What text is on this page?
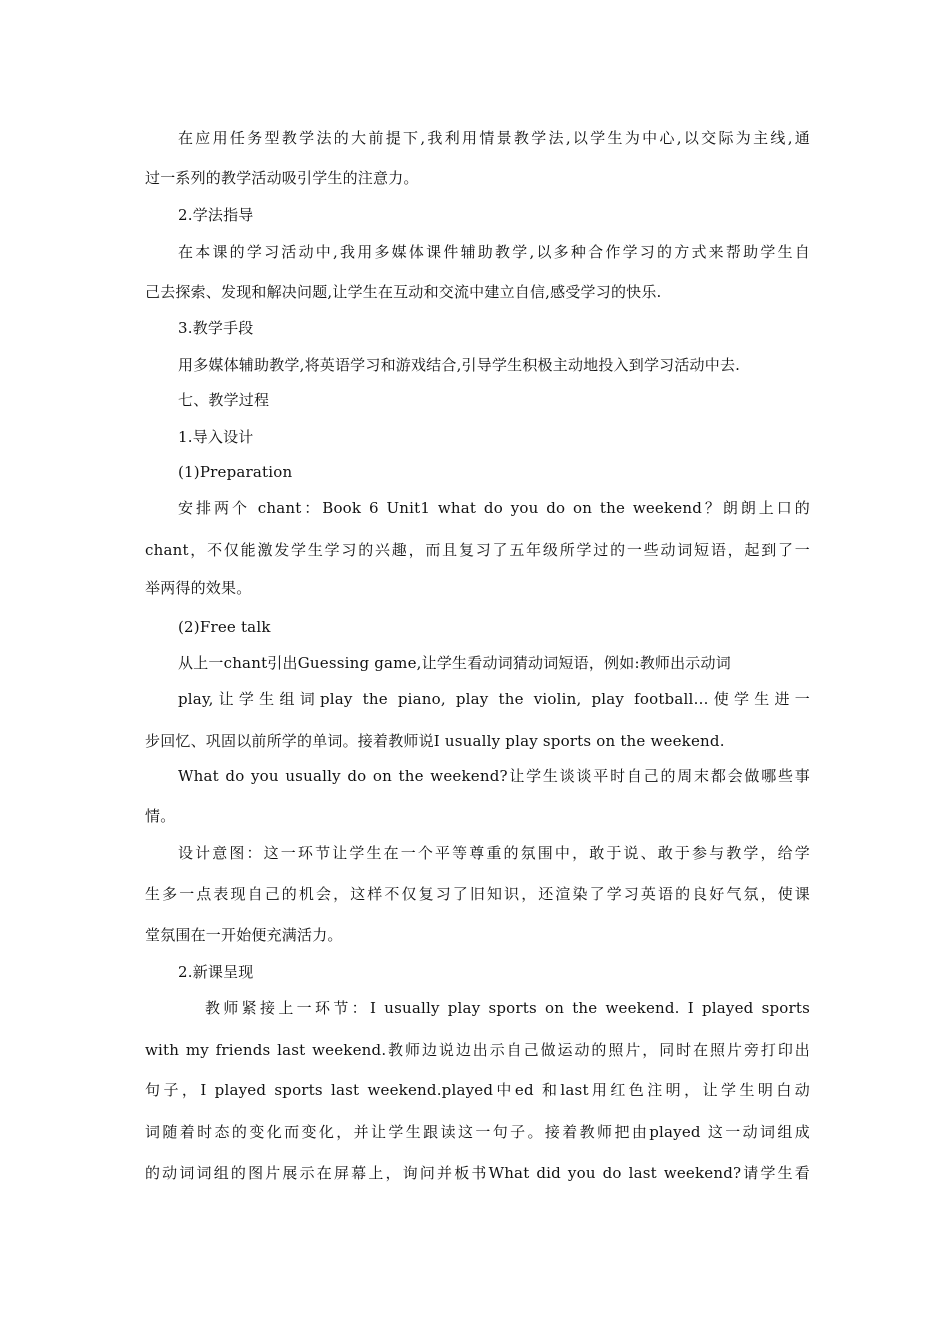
在应用任务型教学法的大前提下,我利用情景教学法,以学生为中心,以交际为主线,通
过一系列的教学活动吸引学生的注意力。
2.学法指导
在本课的学习活动中,我用多媒体课件辅助教学,以多种合作学习的方式来帮助学生自
己去探索、发现和解决问题,让学生在互动和交流中建立自信,感受学习的快乐.
3.教学手段
用多媒体辅助教学,将英语学习和游戏结合,引导学生积极主动地投入到学习活动中去.
七、教学过程
1.导入设计
(1)Preparation
安排两个 chant：Book 6 Unit1 what do you do on the weekend？朗朗上口的
chant，不仅能激发学生学习的兴趣，而且复习了五年级所学过的一些动词短语，起到了一
举两得的效果。
(2)Free talk
从上一chant引出Guessing game,让学生看动词猜动词短语，例如:教师出示动词
play,让学生组词play the piano, play the violin, play football…使学生进一
步回忆、巩固以前所学的单词。接着教师说I usually play sports on the weekend.
What do you usually do on the weekend?让学生谈谈平时自己的周末都会做哪些事
情。
设计意图：这一环节让学生在一个平等尊重的氛围中，敢于说、敢于参与教学，给学
生多一点表现自己的机会，这样不仅复习了旧知识，还渲染了学习英语的良好气氛，使课
堂氛围在一开始便充满活力。
2.新课呈现
教师紧接上一环节：I usually play sports on the weekend. I played sports
with my friends last weekend.教师边说边出示自己做运动的照片，同时在照片旁打印出
句子，I played sports last weekend.played中ed 和last用红色注明，让学生明白动
词随着时态的变化而变化，并让学生跟读这一句子。接着教师把由played 这一动词组成
的动词词组的图片展示在屏幕上，询问并板书What did you do last weekend?请学生看
